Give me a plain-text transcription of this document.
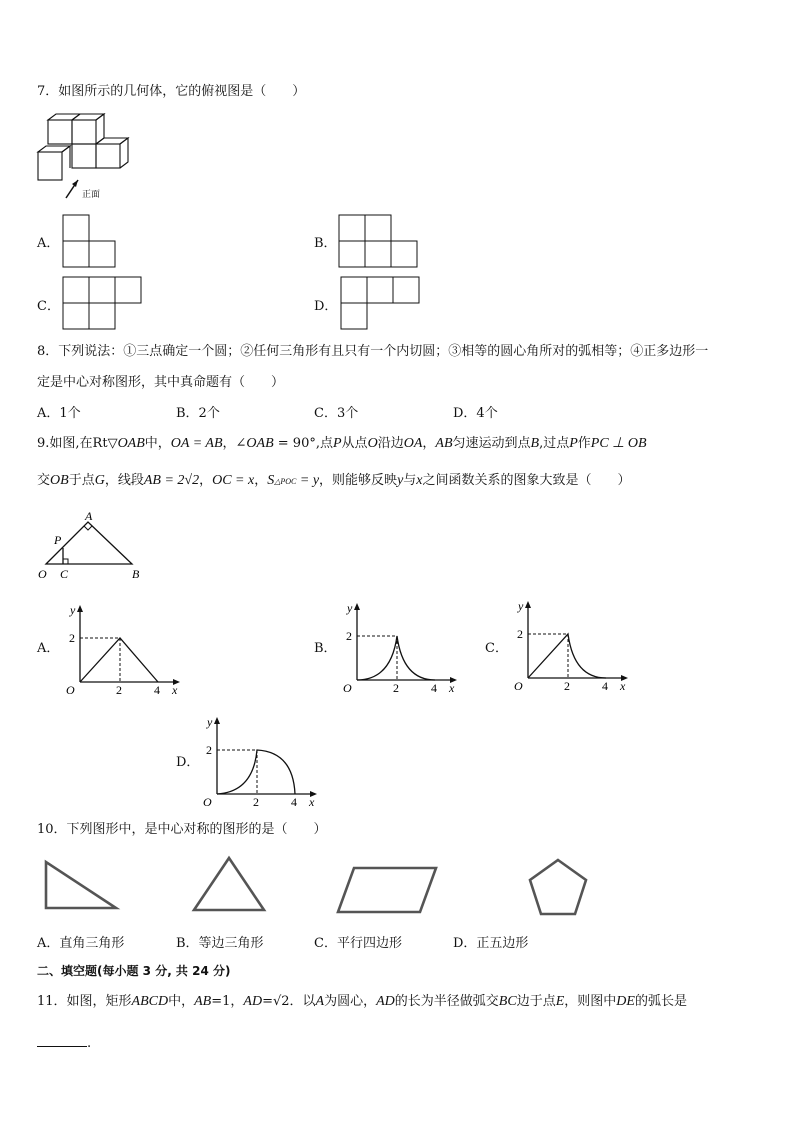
7．如图所示的几何体，它的俯视图是（　　）
正面
A．	B．
C．	D．
8．下列说法：①三点确定一个圆；②任何三角形有且只有一个内切圆；③相等的圆心角所对的弧相等；④正多边形一
定是中心对称图形，其中真命题有（　　）
A．1个	B．2个	C．3个	D．4个
9.如图,在Rt▽OAB中，OA = AB，∠OAB = 90°,点P从点O沿边OA，AB匀速运动到点B,过点P作PC ⊥ OB
交OB于点G，线段AB = 2√2，OC = x，S△POC = y，则能够反映y与x之间函数关系的图象大致是（　　）
A
P
O C	B
A．
y
2
O	2	4 x
B．
y
2
O	2	4 x
C．
y
2
O	2	4 x
D．
y
2
O	2	4 x
10．下列图形中，是中心对称的图形的是（　　）
A．直角三角形	B．等边三角形	C．平行四边形	D．正五边形
二、填空题(每小题 3 分, 共 24 分)
11．如图，矩形ABCD中，AB=1，AD=√2．以A为圆心，AD的长为半径做弧交BC边于点E，则图中DE的弧长是
.
